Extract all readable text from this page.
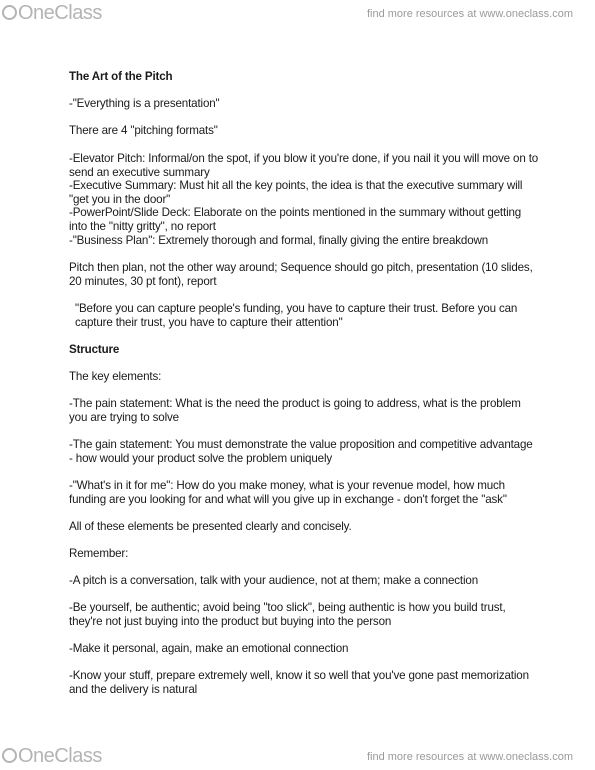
OneClass	find more resources at www.oneclass.com

The Art of the Pitch

-"Everything is a presentation"

There are 4 "pitching formats"

-Elevator Pitch: Informal/on the spot, if you blow it you're done, if you nail it you will move on to send an executive summary

-Executive Summary: Must hit all the key points, the idea is that the executive summary will "get you in the door"

-PowerPoint/Slide Deck: Elaborate on the points mentioned in the summary without getting into the "nitty gritty", no report

-"Business Plan": Extremely thorough and formal, finally giving the entire breakdown

Pitch then plan, not the other way around; Sequence should go pitch, presentation (10 slides, 20 minutes, 30 pt font), report

"Before you can capture people's funding, you have to capture their trust. Before you can capture their trust, you have to capture their attention"

Structure

The key elements:

-The pain statement: What is the need the product is going to address, what is the problem you are trying to solve

-The gain statement: You must demonstrate the value proposition and competitive advantage - how would your product solve the problem uniquely

-"What's in it for me": How do you make money, what is your revenue model, how much funding are you looking for and what will you give up in exchange - don't forget the "ask"

All of these elements be presented clearly and concisely.

Remember:

-A pitch is a conversation, talk with your audience, not at them; make a connection

-Be yourself, be authentic; avoid being "too slick", being authentic is how you build trust, they're not just buying into the product but buying into the person

-Make it personal, again, make an emotional connection

-Know your stuff, prepare extremely well, know it so well that you've gone past memorization and the delivery is natural

OneClass	find more resources at www.oneclass.com
